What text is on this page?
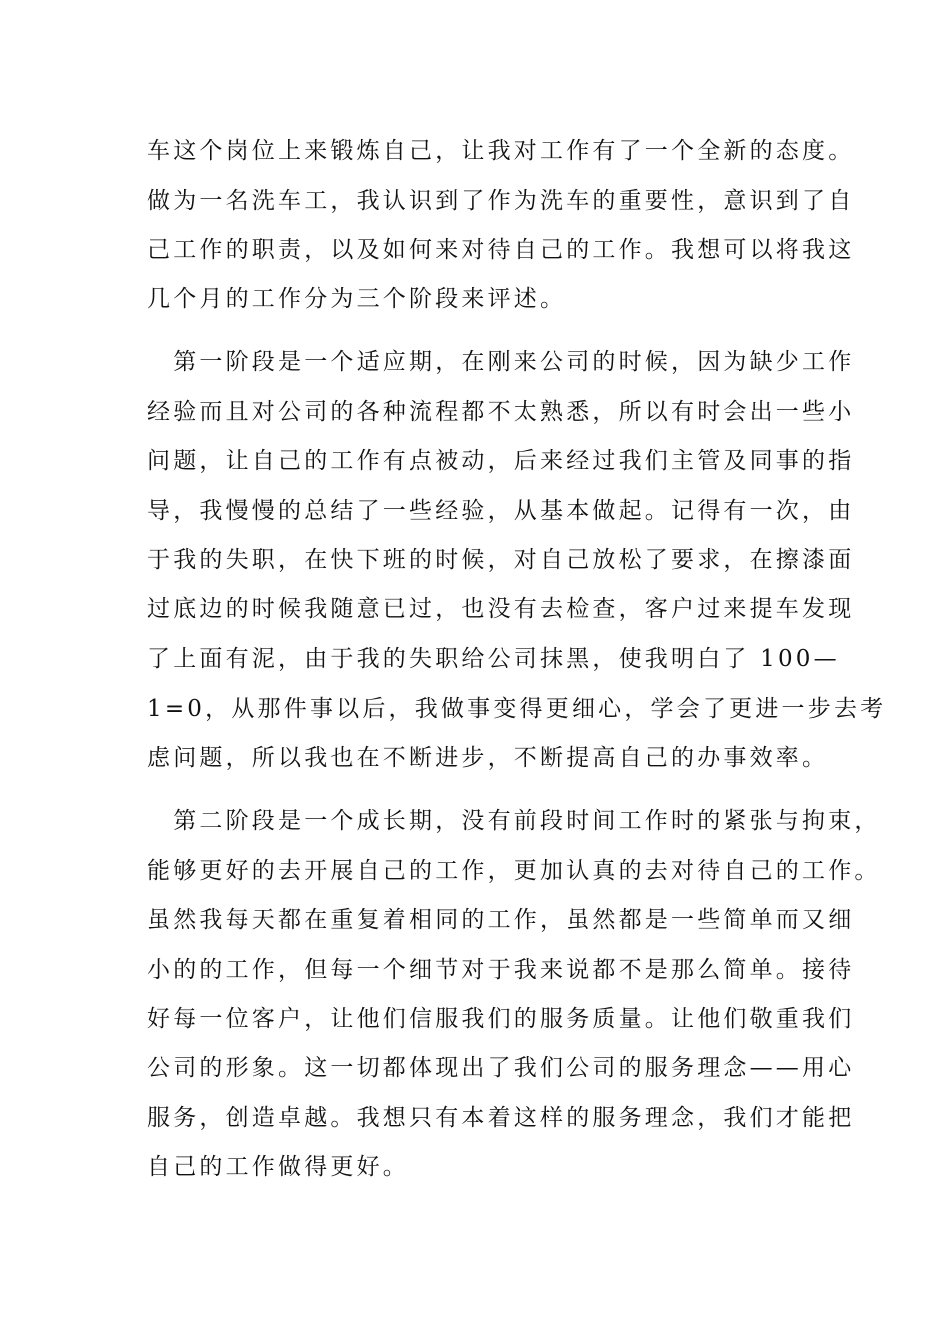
车这个岗位上来锻炼自己，让我对工作有了一个全新的态度。
做为一名洗车工，我认识到了作为洗车的重要性，意识到了自
己工作的职责，以及如何来对待自己的工作。我想可以将我这
几个月的工作分为三个阶段来评述。
　第一阶段是一个适应期，在刚来公司的时候，因为缺少工作
经验而且对公司的各种流程都不太熟悉，所以有时会出一些小
问题，让自己的工作有点被动，后来经过我们主管及同事的指
导，我慢慢的总结了一些经验，从基本做起。记得有一次，由
于我的失职，在快下班的时候，对自己放松了要求，在擦漆面
过底边的时候我随意已过，也没有去检查，客户过来提车发现
了上面有泥，由于我的失职给公司抹黑，使我明白了 100—
1=0，从那件事以后，我做事变得更细心，学会了更进一步去考
虑问题，所以我也在不断进步，不断提高自己的办事效率。
　第二阶段是一个成长期，没有前段时间工作时的紧张与拘束，
能够更好的去开展自己的工作，更加认真的去对待自己的工作。
虽然我每天都在重复着相同的工作，虽然都是一些简单而又细
小的的工作，但每一个细节对于我来说都不是那么简单。接待
好每一位客户，让他们信服我们的服务质量。让他们敬重我们
公司的形象。这一切都体现出了我们公司的服务理念——用心
服务，创造卓越。我想只有本着这样的服务理念，我们才能把
自己的工作做得更好。
